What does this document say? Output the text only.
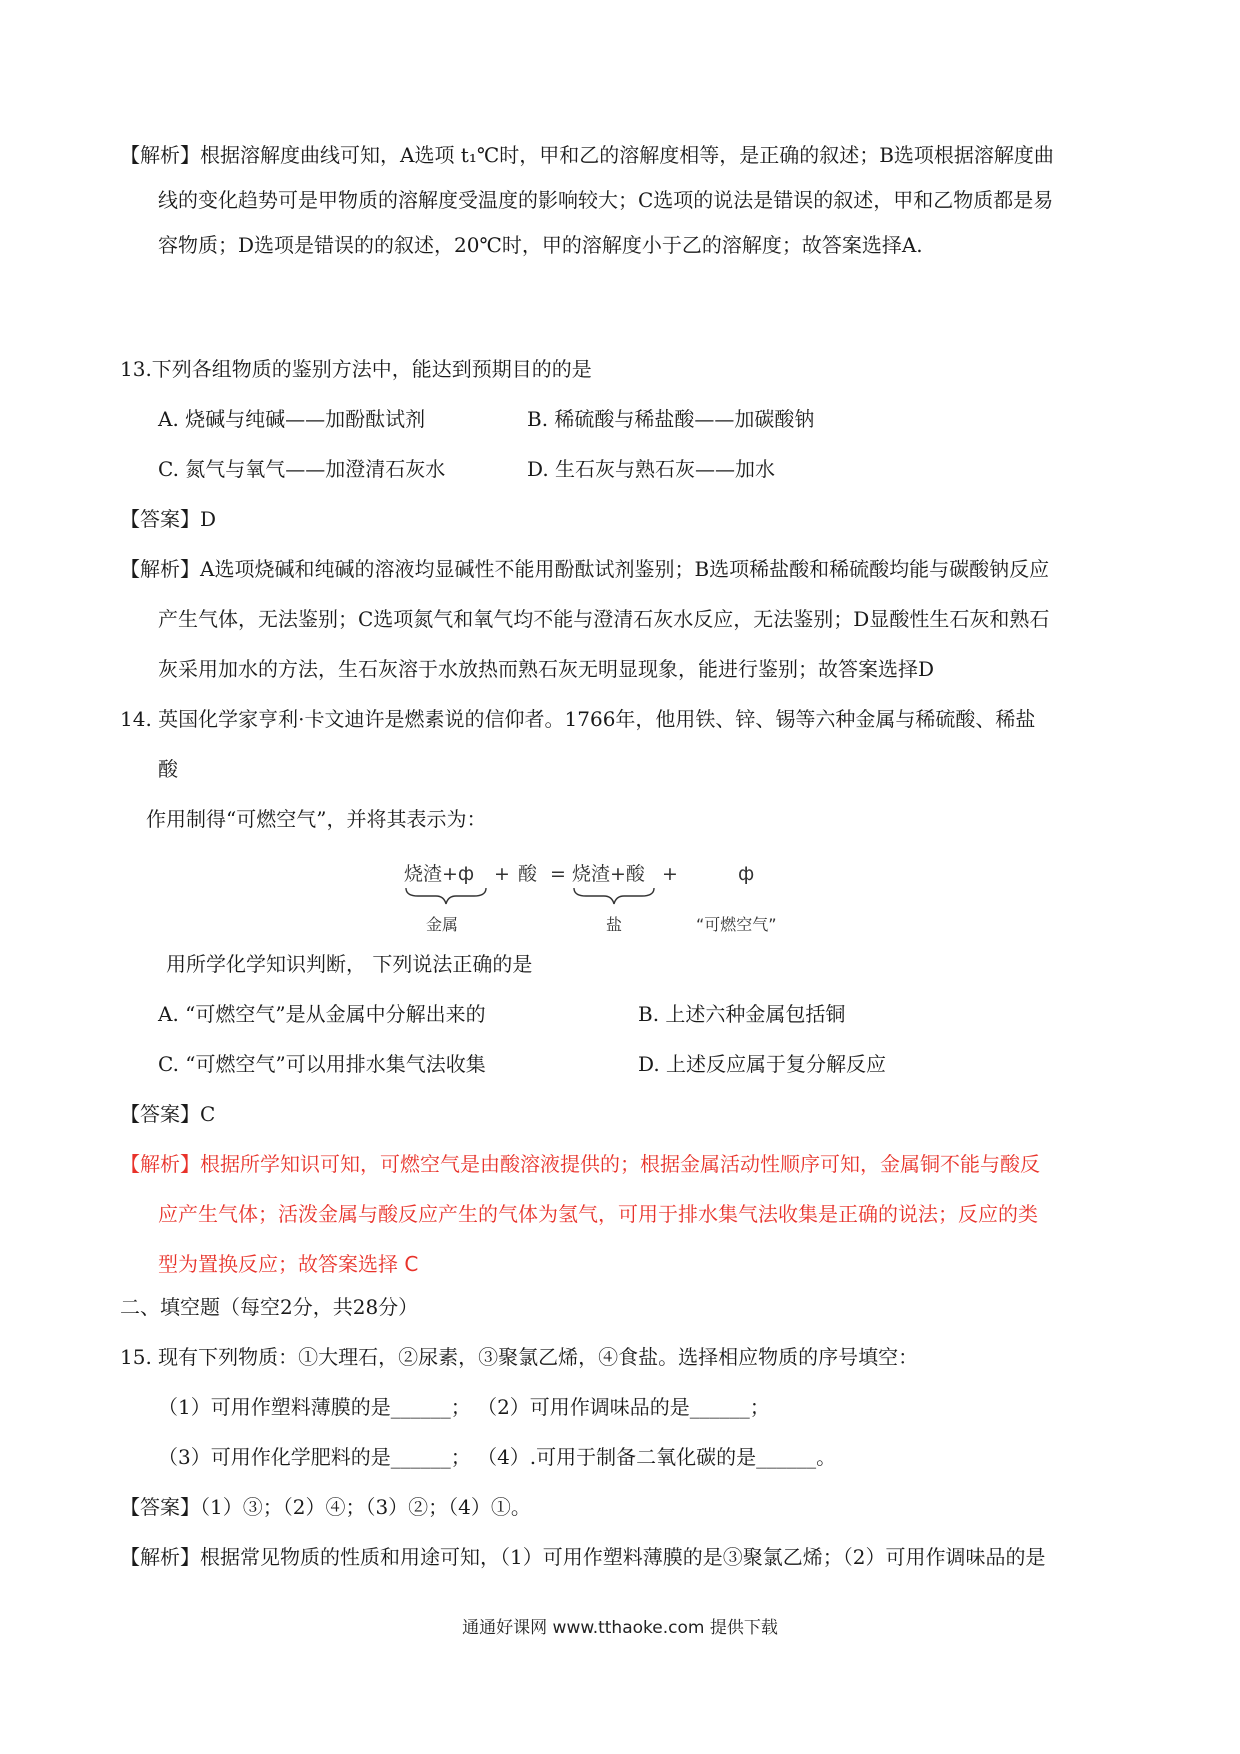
【解析】根据溶解度曲线可知，A选项 t₁℃时，甲和乙的溶解度相等，是正确的叙述；B选项根据溶解度曲
线的变化趋势可是甲物质的溶解度受温度的影响较大；C选项的说法是错误的叙述，甲和乙物质都是易
容物质；D选项是错误的的叙述，20℃时，甲的溶解度小于乙的溶解度；故答案选择A.
13.下列各组物质的鉴别方法中，能达到预期目的的是
A. 烧碱与纯碱——加酚酞试剂	B. 稀硫酸与稀盐酸——加碳酸钠
C. 氮气与氧气——加澄清石灰水	D. 生石灰与熟石灰——加水
【答案】D
【解析】A选项烧碱和纯碱的溶液均显碱性不能用酚酞试剂鉴别；B选项稀盐酸和稀硫酸均能与碳酸钠反应
产生气体，无法鉴别；C选项氮气和氧气均不能与澄清石灰水反应，无法鉴别；D显酸性生石灰和熟石
灰采用加水的方法，生石灰溶于水放热而熟石灰无明显现象，能进行鉴别；故答案选择D
14. 英国化学家亨利·卡文迪许是燃素说的信仰者。1766年，他用铁、锌、锡等六种金属与稀硫酸、稀盐
酸
作用制得“可燃空气”，并将其表示为：
烧渣+ф + 酸 = 烧渣+酸 +	ф
金属	盐	“可燃空气”
用所学化学知识判断， 下列说法正确的是
A. “可燃空气”是从金属中分解出来的	B. 上述六种金属包括铜
C. “可燃空气”可以用排水集气法收集	D. 上述反应属于复分解反应
【答案】C
【解析】根据所学知识可知，可燃空气是由酸溶液提供的；根据金属活动性顺序可知，金属铜不能与酸反
应产生气体；活泼金属与酸反应产生的气体为氢气，可用于排水集气法收集是正确的说法；反应的类
型为置换反应；故答案选择 C
二、填空题（每空2分，共28分）
15. 现有下列物质：①大理石，②尿素，③聚氯乙烯，④食盐。选择相应物质的序号填空：
（1）可用作塑料薄膜的是______； （2）可用作调味品的是______；
（3）可用作化学肥料的是______； （4）.可用于制备二氧化碳的是______。
【答案】（1）③；（2）④；（3）②；（4）①。
【解析】根据常见物质的性质和用途可知，（1）可用作塑料薄膜的是③聚氯乙烯；（2）可用作调味品的是
通通好课网 www.tthaoke.com 提供下载
